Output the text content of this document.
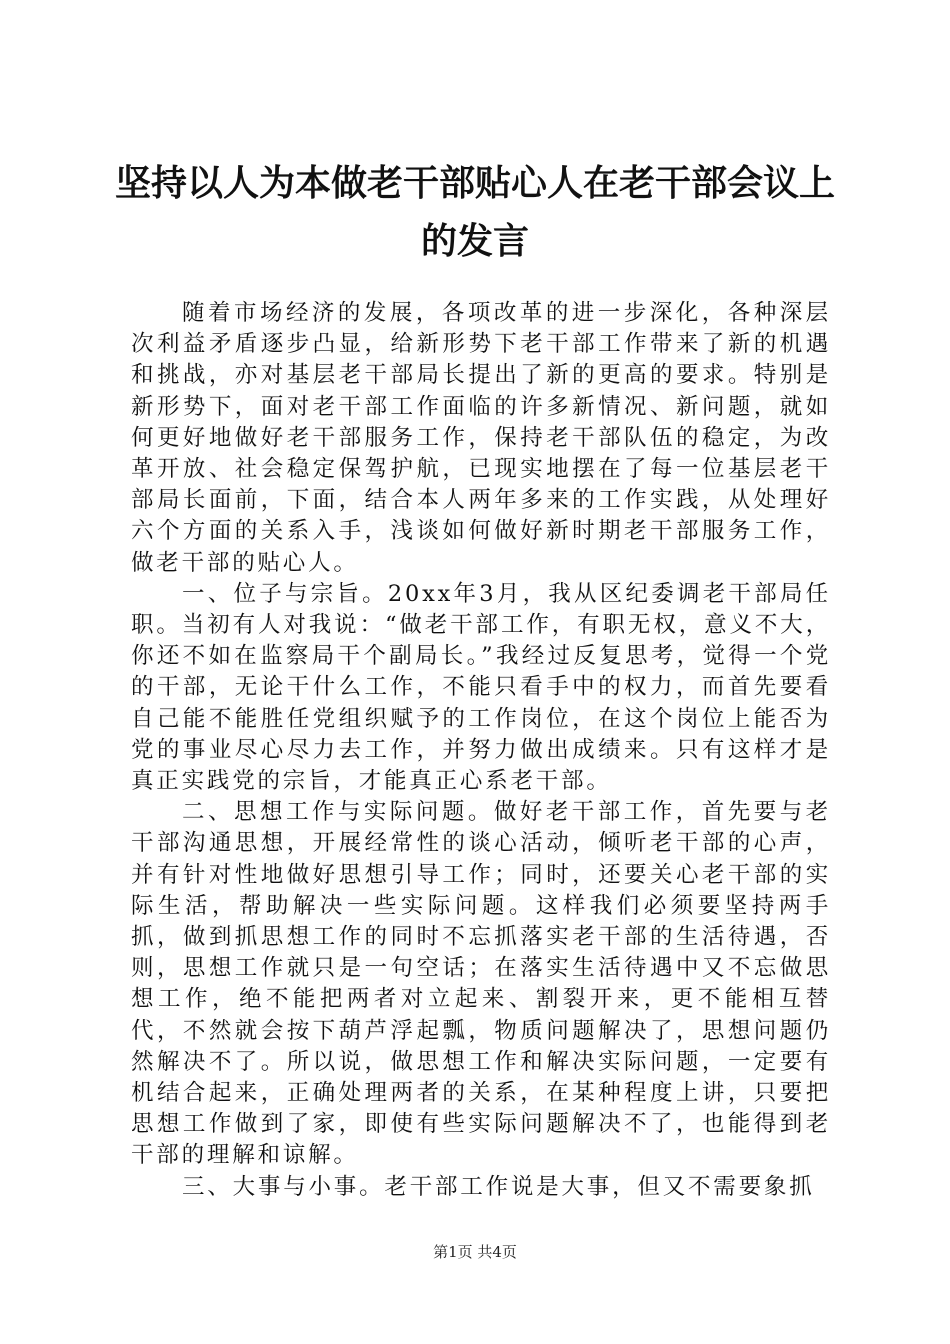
坚持以人为本做老干部贴心人在老干部会议上
的发言

随着市场经济的发展，各项改革的进一步深化，各种深层次利益矛盾逐步凸显，给新形势下老干部工作带来了新的机遇和挑战，亦对基层老干部局长提出了新的更高的要求。特别是新形势下，面对老干部工作面临的许多新情况、新问题，就如何更好地做好老干部服务工作，保持老干部队伍的稳定，为改革开放、社会稳定保驾护航，已现实地摆在了每一位基层老干部局长面前，下面，结合本人两年多来的工作实践，从处理好六个方面的关系入手，浅谈如何做好新时期老干部服务工作，做老干部的贴心人。

一、位子与宗旨。20xx年3月，我从区纪委调老干部局任职。当初有人对我说：“做老干部工作，有职无权，意义不大，你还不如在监察局干个副局长。”我经过反复思考，觉得一个党的干部，无论干什么工作，不能只看手中的权力，而首先要看自己能不能胜任党组织赋予的工作岗位，在这个岗位上能否为党的事业尽心尽力去工作，并努力做出成绩来。只有这样才是真正实践党的宗旨，才能真正心系老干部。

二、思想工作与实际问题。做好老干部工作，首先要与老干部沟通思想，开展经常性的谈心活动，倾听老干部的心声，并有针对性地做好思想引导工作；同时，还要关心老干部的实际生活，帮助解决一些实际问题。这样我们必须要坚持两手抓，做到抓思想工作的同时不忘抓落实老干部的生活待遇，否则，思想工作就只是一句空话；在落实生活待遇中又不忘做思想工作，绝不能把两者对立起来、割裂开来，更不能相互替代，不然就会按下葫芦浮起瓢，物质问题解决了，思想问题仍然解决不了。所以说，做思想工作和解决实际问题，一定要有机结合起来，正确处理两者的关系，在某种程度上讲，只要把思想工作做到了家，即使有些实际问题解决不了，也能得到老干部的理解和谅解。

三、大事与小事。老干部工作说是大事，但又不需要象抓

第1页 共4页
